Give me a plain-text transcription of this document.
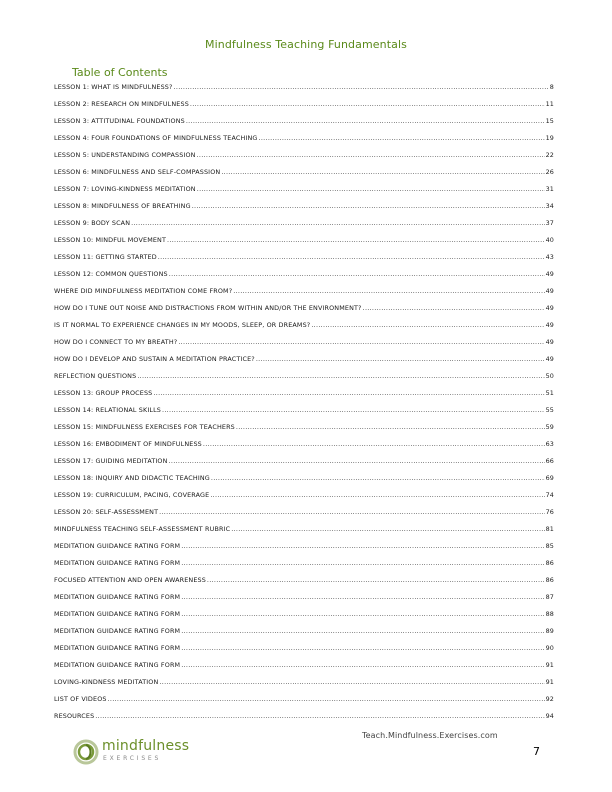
Mindfulness Teaching Fundamentals
Table of Contents
LESSON 1: WHAT IS MINDFULNESS? .....	8
LESSON 2: RESEARCH ON MINDFULNESS .....	11
LESSON 3: ATTITUDINAL FOUNDATIONS .....	15
LESSON 4: FOUR FOUNDATIONS OF MINDFULNESS TEACHING .....	19
LESSON 5: UNDERSTANDING COMPASSION .....	22
LESSON 6: MINDFULNESS AND SELF-COMPASSION .....	26
LESSON 7: LOVING-KINDNESS MEDITATION .....	31
LESSON 8: MINDFULNESS OF BREATHING .....	34
LESSON 9: BODY SCAN .....	37
LESSON 10: MINDFUL MOVEMENT .....	40
LESSON 11: GETTING STARTED .....	43
LESSON 12: COMMON QUESTIONS .....	49
WHERE DID MINDFULNESS MEDITATION COME FROM? .....	49
HOW DO I TUNE OUT NOISE AND DISTRACTIONS FROM WITHIN AND/OR THE ENVIRONMENT? .....	49
IS IT NORMAL TO EXPERIENCE CHANGES IN MY MOODS, SLEEP, OR DREAMS? .....	49
HOW DO I CONNECT TO MY BREATH? .....	49
HOW DO I DEVELOP AND SUSTAIN A MEDITATION PRACTICE? .....	49
REFLECTION QUESTIONS .....	50
LESSON 13: GROUP PROCESS .....	51
LESSON 14: RELATIONAL SKILLS .....	55
LESSON 15: MINDFULNESS EXERCISES FOR TEACHERS .....	59
LESSON 16: EMBODIMENT OF MINDFULNESS .....	63
LESSON 17: GUIDING MEDITATION .....	66
LESSON 18: INQUIRY AND DIDACTIC TEACHING .....	69
LESSON 19: CURRICULUM, PACING, COVERAGE .....	74
LESSON 20: SELF-ASSESSMENT .....	76
MINDFULNESS TEACHING SELF-ASSESSMENT RUBRIC .....	81
MEDITATION GUIDANCE RATING FORM .....	85
MEDITATION GUIDANCE RATING FORM .....	86
FOCUSED ATTENTION AND OPEN AWARENESS .....	86
MEDITATION GUIDANCE RATING FORM .....	87
MEDITATION GUIDANCE RATING FORM .....	88
MEDITATION GUIDANCE RATING FORM .....	89
MEDITATION GUIDANCE RATING FORM .....	90
MEDITATION GUIDANCE RATING FORM .....	91
LOVING-KINDNESS MEDITATION .....	91
LIST OF VIDEOS .....	92
RESOURCES .....	94
mindfulness
EXERCISES
Teach.Mindfulness.Exercises.com
7
